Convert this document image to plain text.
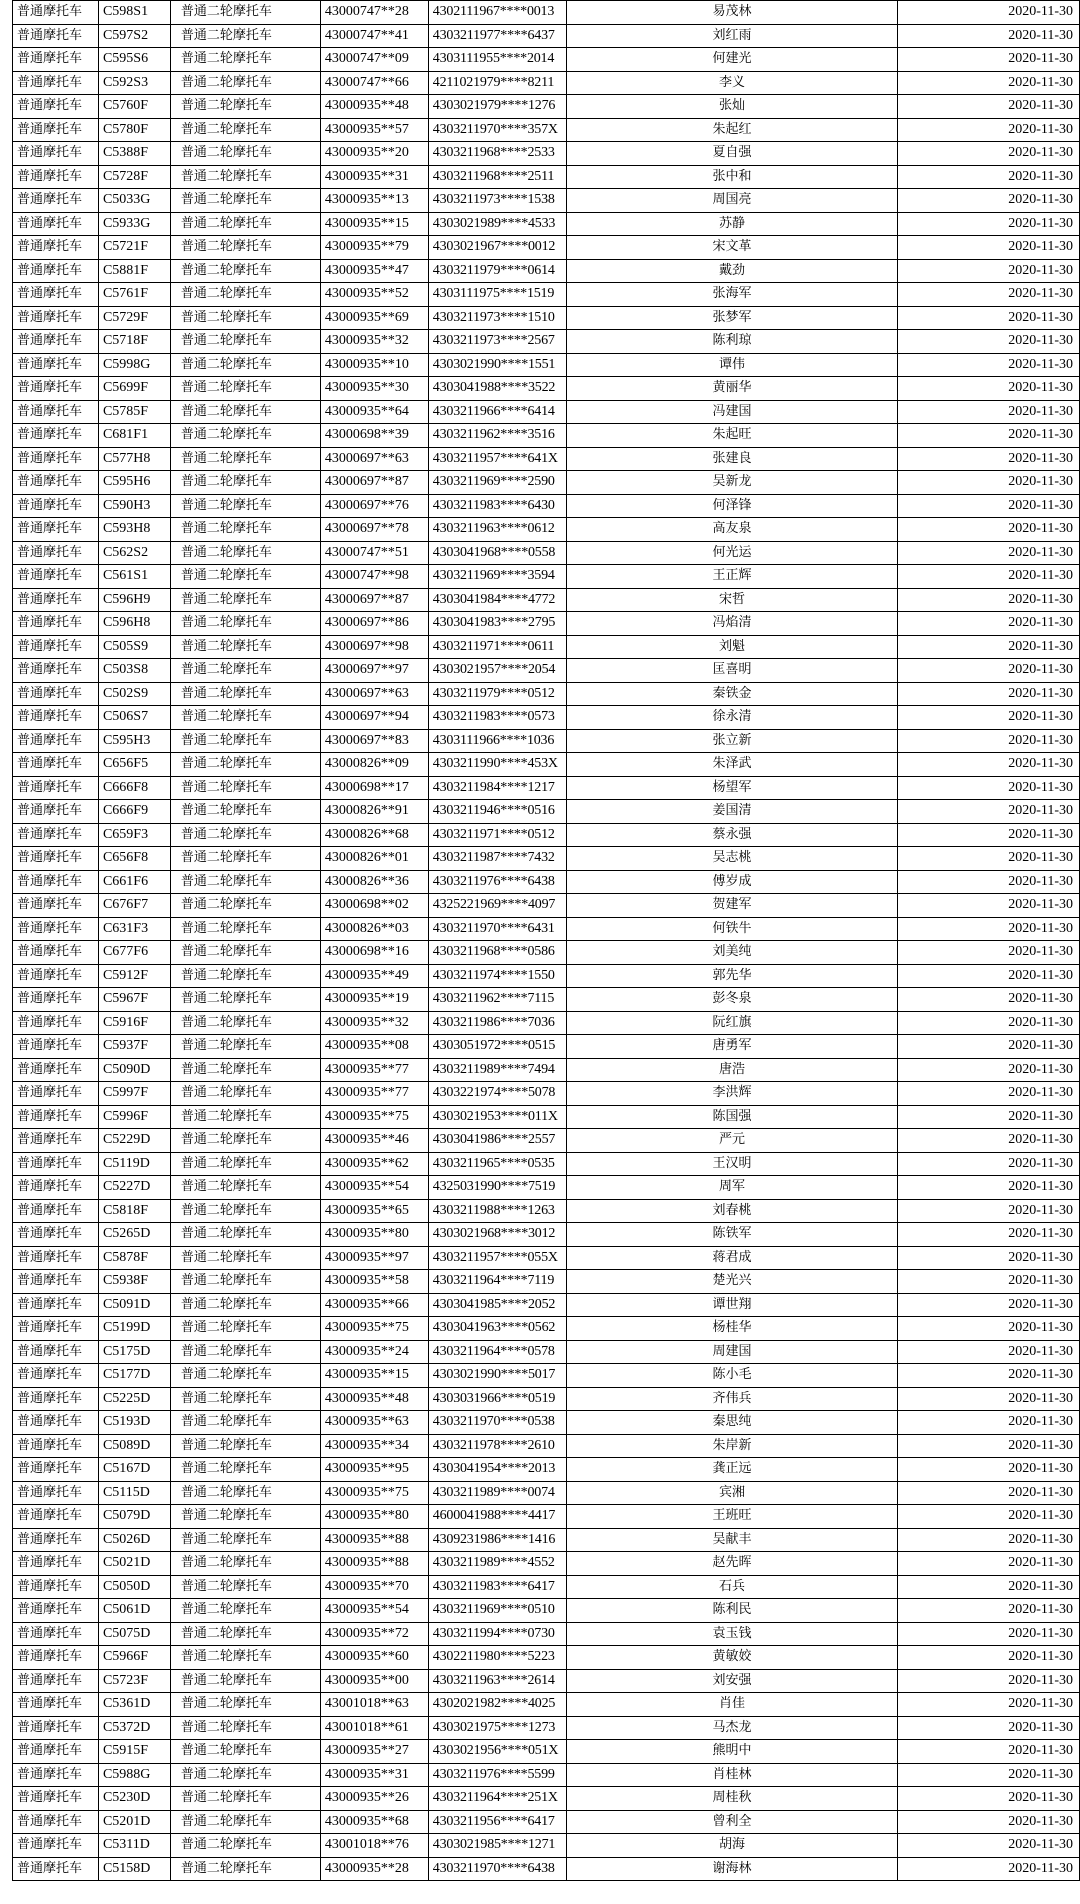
普通摩托车	C598S1	普通二轮摩托车	43000747**28	4302111967****0013	易茂林	2020-11-30
普通摩托车	C597S2	普通二轮摩托车	43000747**41	4303211977****6437	刘红雨	2020-11-30
普通摩托车	C595S6	普通二轮摩托车	43000747**09	4303111955****2014	何建光	2020-11-30
普通摩托车	C592S3	普通二轮摩托车	43000747**66	4211021979****8211	李义	2020-11-30
普通摩托车	C5760F	普通二轮摩托车	43000935**48	4303021979****1276	张灿	2020-11-30
普通摩托车	C5780F	普通二轮摩托车	43000935**57	4303211970****357X	朱起红	2020-11-30
普通摩托车	C5388F	普通二轮摩托车	43000935**20	4303211968****2533	夏自强	2020-11-30
普通摩托车	C5728F	普通二轮摩托车	43000935**31	4303211968****2511	张中和	2020-11-30
普通摩托车	C5033G	普通二轮摩托车	43000935**13	4303211973****1538	周国亮	2020-11-30
普通摩托车	C5933G	普通二轮摩托车	43000935**15	4303021989****4533	苏静	2020-11-30
普通摩托车	C5721F	普通二轮摩托车	43000935**79	4303021967****0012	宋文革	2020-11-30
普通摩托车	C5881F	普通二轮摩托车	43000935**47	4303211979****0614	戴劲	2020-11-30
普通摩托车	C5761F	普通二轮摩托车	43000935**52	4303111975****1519	张海军	2020-11-30
普通摩托车	C5729F	普通二轮摩托车	43000935**69	4303211973****1510	张梦军	2020-11-30
普通摩托车	C5718F	普通二轮摩托车	43000935**32	4303211973****2567	陈利琼	2020-11-30
普通摩托车	C5998G	普通二轮摩托车	43000935**10	4303021990****1551	谭伟	2020-11-30
普通摩托车	C5699F	普通二轮摩托车	43000935**30	4303041988****3522	黄丽华	2020-11-30
普通摩托车	C5785F	普通二轮摩托车	43000935**64	4303211966****6414	冯建国	2020-11-30
普通摩托车	C681F1	普通二轮摩托车	43000698**39	4303211962****3516	朱起旺	2020-11-30
普通摩托车	C577H8	普通二轮摩托车	43000697**63	4303211957****641X	张建良	2020-11-30
普通摩托车	C595H6	普通二轮摩托车	43000697**87	4303211969****2590	吴新龙	2020-11-30
普通摩托车	C590H3	普通二轮摩托车	43000697**76	4303211983****6430	何泽锋	2020-11-30
普通摩托车	C593H8	普通二轮摩托车	43000697**78	4303211963****0612	高友泉	2020-11-30
普通摩托车	C562S2	普通二轮摩托车	43000747**51	4303041968****0558	何光运	2020-11-30
普通摩托车	C561S1	普通二轮摩托车	43000747**98	4303211969****3594	王正辉	2020-11-30
普通摩托车	C596H9	普通二轮摩托车	43000697**87	4303041984****4772	宋哲	2020-11-30
普通摩托车	C596H8	普通二轮摩托车	43000697**86	4303041983****2795	冯焰清	2020-11-30
普通摩托车	C505S9	普通二轮摩托车	43000697**98	4303211971****0611	刘魁	2020-11-30
普通摩托车	C503S8	普通二轮摩托车	43000697**97	4303021957****2054	匡喜明	2020-11-30
普通摩托车	C502S9	普通二轮摩托车	43000697**63	4303211979****0512	秦铁金	2020-11-30
普通摩托车	C506S7	普通二轮摩托车	43000697**94	4303211983****0573	徐永清	2020-11-30
普通摩托车	C595H3	普通二轮摩托车	43000697**83	4303111966****1036	张立新	2020-11-30
普通摩托车	C656F5	普通二轮摩托车	43000826**09	4303211990****453X	朱泽武	2020-11-30
普通摩托车	C666F8	普通二轮摩托车	43000698**17	4303211984****1217	杨望军	2020-11-30
普通摩托车	C666F9	普通二轮摩托车	43000826**91	4303211946****0516	姜国清	2020-11-30
普通摩托车	C659F3	普通二轮摩托车	43000826**68	4303211971****0512	蔡永强	2020-11-30
普通摩托车	C656F8	普通二轮摩托车	43000826**01	4303211987****7432	吴志桃	2020-11-30
普通摩托车	C661F6	普通二轮摩托车	43000826**36	4303211976****6438	傅岁成	2020-11-30
普通摩托车	C676F7	普通二轮摩托车	43000698**02	4325221969****4097	贺建军	2020-11-30
普通摩托车	C631F3	普通二轮摩托车	43000826**03	4303211970****6431	何铁牛	2020-11-30
普通摩托车	C677F6	普通二轮摩托车	43000698**16	4303211968****0586	刘美纯	2020-11-30
普通摩托车	C5912F	普通二轮摩托车	43000935**49	4303211974****1550	郭先华	2020-11-30
普通摩托车	C5967F	普通二轮摩托车	43000935**19	4303211962****7115	彭冬泉	2020-11-30
普通摩托车	C5916F	普通二轮摩托车	43000935**32	4303211986****7036	阮红旗	2020-11-30
普通摩托车	C5937F	普通二轮摩托车	43000935**08	4303051972****0515	唐勇军	2020-11-30
普通摩托车	C5090D	普通二轮摩托车	43000935**77	4303211989****7494	唐浩	2020-11-30
普通摩托车	C5997F	普通二轮摩托车	43000935**77	4303221974****5078	李洪辉	2020-11-30
普通摩托车	C5996F	普通二轮摩托车	43000935**75	4303021953****011X	陈国强	2020-11-30
普通摩托车	C5229D	普通二轮摩托车	43000935**46	4303041986****2557	严元	2020-11-30
普通摩托车	C5119D	普通二轮摩托车	43000935**62	4303211965****0535	王汉明	2020-11-30
普通摩托车	C5227D	普通二轮摩托车	43000935**54	4325031990****7519	周军	2020-11-30
普通摩托车	C5818F	普通二轮摩托车	43000935**65	4303211988****1263	刘春桃	2020-11-30
普通摩托车	C5265D	普通二轮摩托车	43000935**80	4303021968****3012	陈铁军	2020-11-30
普通摩托车	C5878F	普通二轮摩托车	43000935**97	4303211957****055X	蒋君成	2020-11-30
普通摩托车	C5938F	普通二轮摩托车	43000935**58	4303211964****7119	楚光兴	2020-11-30
普通摩托车	C5091D	普通二轮摩托车	43000935**66	4303041985****2052	谭世翔	2020-11-30
普通摩托车	C5199D	普通二轮摩托车	43000935**75	4303041963****0562	杨桂华	2020-11-30
普通摩托车	C5175D	普通二轮摩托车	43000935**24	4303211964****0578	周建国	2020-11-30
普通摩托车	C5177D	普通二轮摩托车	43000935**15	4303021990****5017	陈小毛	2020-11-30
普通摩托车	C5225D	普通二轮摩托车	43000935**48	4303031966****0519	齐伟兵	2020-11-30
普通摩托车	C5193D	普通二轮摩托车	43000935**63	4303211970****0538	秦思纯	2020-11-30
普通摩托车	C5089D	普通二轮摩托车	43000935**34	4303211978****2610	朱岸新	2020-11-30
普通摩托车	C5167D	普通二轮摩托车	43000935**95	4303041954****2013	龚正远	2020-11-30
普通摩托车	C5115D	普通二轮摩托车	43000935**75	4303211989****0074	宾湘	2020-11-30
普通摩托车	C5079D	普通二轮摩托车	43000935**80	4600041988****4417	王班旺	2020-11-30
普通摩托车	C5026D	普通二轮摩托车	43000935**88	4309231986****1416	吴献丰	2020-11-30
普通摩托车	C5021D	普通二轮摩托车	43000935**88	4303211989****4552	赵先晖	2020-11-30
普通摩托车	C5050D	普通二轮摩托车	43000935**70	4303211983****6417	石兵	2020-11-30
普通摩托车	C5061D	普通二轮摩托车	43000935**54	4303211969****0510	陈利民	2020-11-30
普通摩托车	C5075D	普通二轮摩托车	43000935**72	4303211994****0730	袁玉钱	2020-11-30
普通摩托车	C5966F	普通二轮摩托车	43000935**60	4302211980****5223	黄敏姣	2020-11-30
普通摩托车	C5723F	普通二轮摩托车	43000935**00	4303211963****2614	刘安强	2020-11-30
普通摩托车	C5361D	普通二轮摩托车	43001018**63	4302021982****4025	肖佳	2020-11-30
普通摩托车	C5372D	普通二轮摩托车	43001018**61	4303021975****1273	马杰龙	2020-11-30
普通摩托车	C5915F	普通二轮摩托车	43000935**27	4303021956****051X	熊明中	2020-11-30
普通摩托车	C5988G	普通二轮摩托车	43000935**31	4303211976****5599	肖桂林	2020-11-30
普通摩托车	C5230D	普通二轮摩托车	43000935**26	4303211964****251X	周桂秋	2020-11-30
普通摩托车	C5201D	普通二轮摩托车	43000935**68	4303211956****6417	曾利全	2020-11-30
普通摩托车	C5311D	普通二轮摩托车	43001018**76	4303021985****1271	胡海	2020-11-30
普通摩托车	C5158D	普通二轮摩托车	43000935**28	4303211970****6438	谢海林	2020-11-30
